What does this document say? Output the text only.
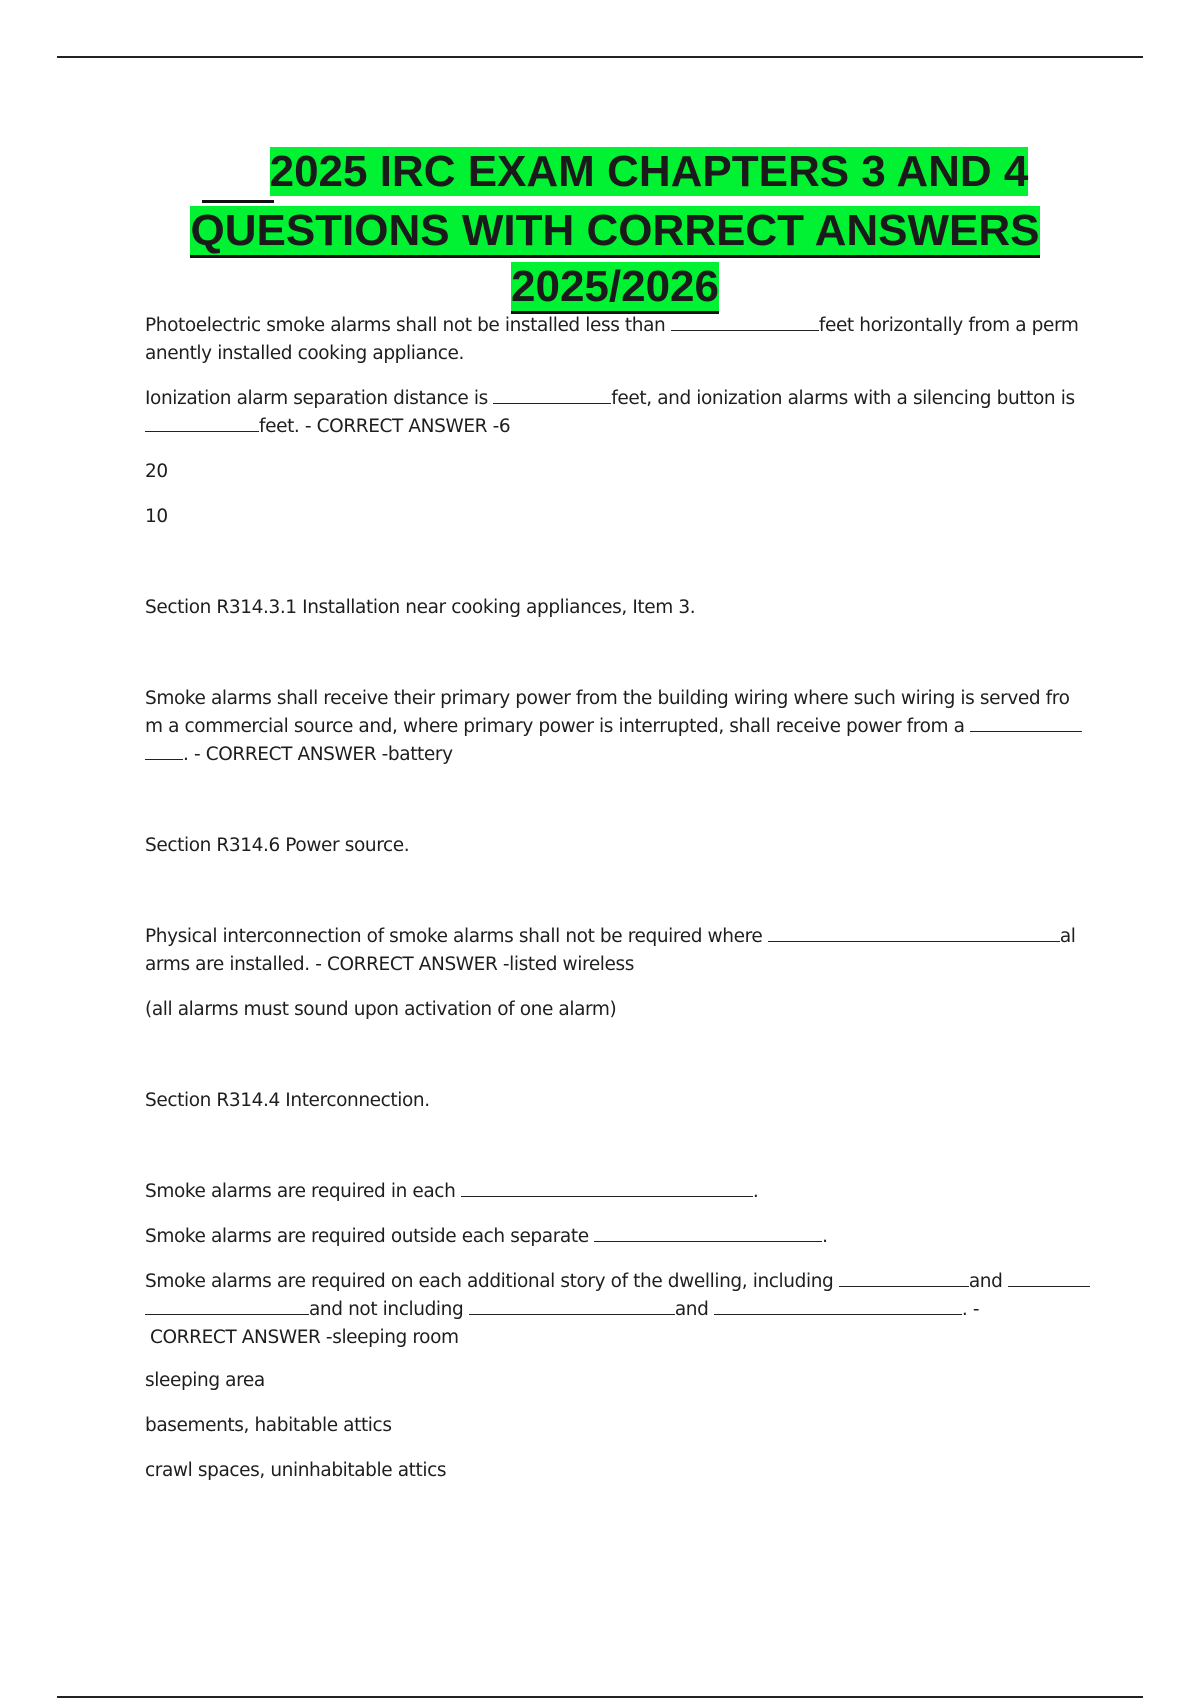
2025 IRC EXAM CHAPTERS 3 AND 4
QUESTIONS WITH CORRECT ANSWERS
2025/2026

Photoelectric smoke alarms shall not be installed less than	feet horizontally from a perm
anently installed cooking appliance.

Ionization alarm separation distance is	feet, and ionization alarms with a silencing button is
feet. - CORRECT ANSWER -6

20

10

Section R314.3.1 Installation near cooking appliances, Item 3.

Smoke alarms shall receive their primary power from the building wiring where such wiring is served fro
m a commercial source and, where primary power is interrupted, shall receive power from a
. - CORRECT ANSWER -battery

Section R314.6 Power source.

Physical interconnection of smoke alarms shall not be required where	al
arms are installed. - CORRECT ANSWER -listed wireless

(all alarms must sound upon activation of one alarm)

Section R314.4 Interconnection.

Smoke alarms are required in each	.

Smoke alarms are required outside each separate	.

Smoke alarms are required on each additional story of the dwelling, including	and
and not including	and	. -
CORRECT ANSWER -sleeping room

sleeping area

basements, habitable attics

crawl spaces, uninhabitable attics
